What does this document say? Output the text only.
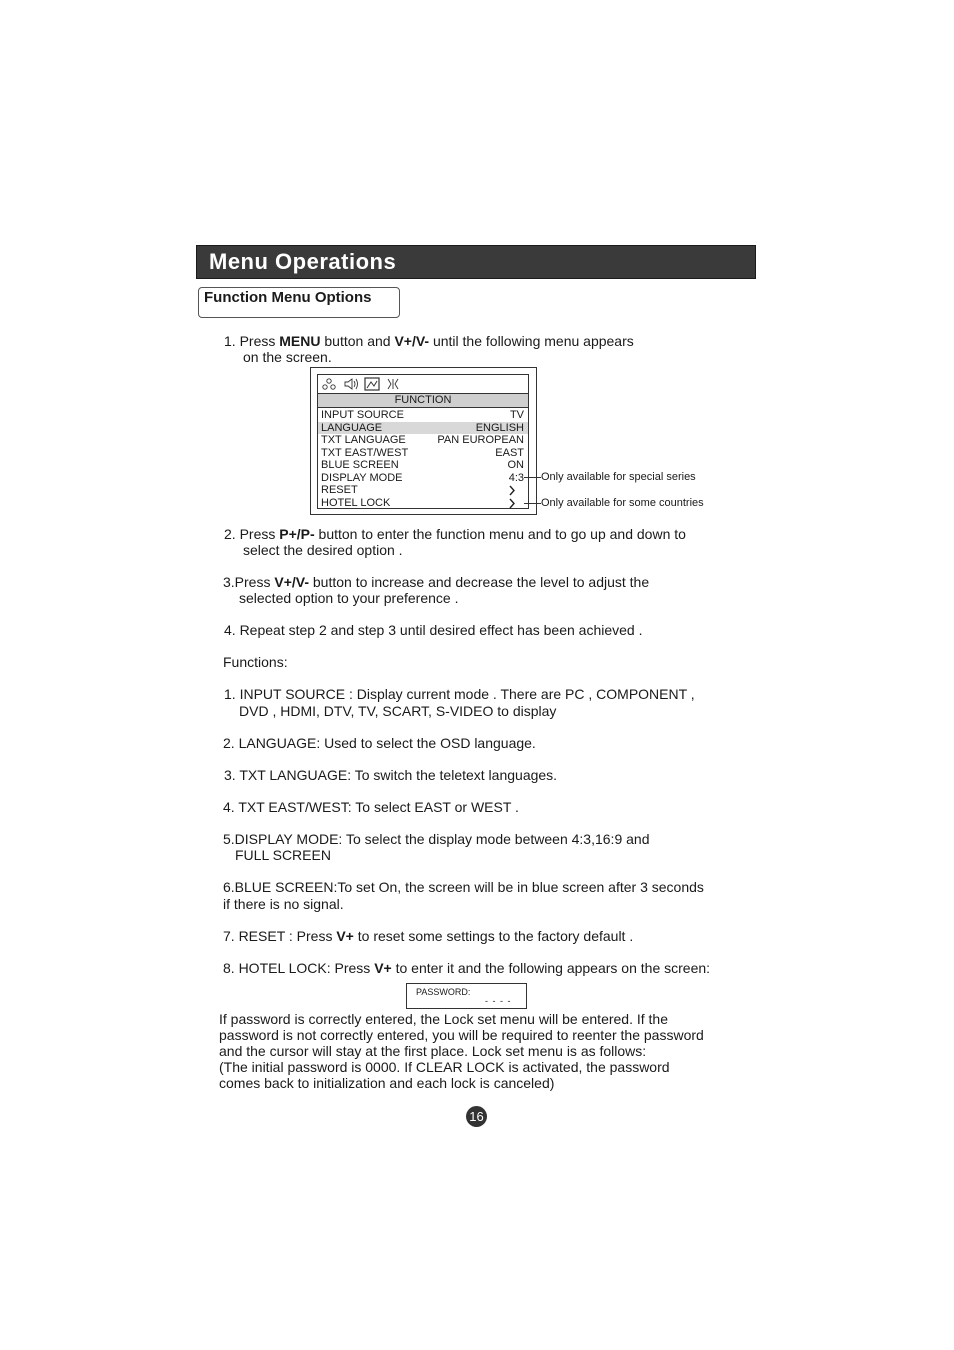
Menu Operations
Function Menu Options
1. Press MENU button and V+/V- until the following menu appears
on the screen.
FUNCTION
INPUT SOURCE	TV
LANGUAGE	ENGLISH
TXT LANGUAGE	PAN EUROPEAN
TXT EAST/WEST	EAST
BLUE SCREEN	ON
DISPLAY MODE	4:3
RESET
HOTEL LOCK
Only available for special series
Only available for some countries
2. Press P+/P- button to enter the function menu and to go up and down to
select the desired option .
3.Press V+/V- button to increase and decrease the level to adjust the
selected option to your preference .
4. Repeat step 2 and step 3 until desired effect has been achieved .
Functions:
1. INPUT SOURCE : Display current mode . There are PC , COMPONENT ,
DVD , HDMI, DTV, TV, SCART, S-VIDEO to display
2. LANGUAGE: Used to select the OSD language.
3. TXT LANGUAGE: To switch the teletext languages.
4. TXT EAST/WEST: To select EAST or WEST .
5.DISPLAY MODE: To select the display mode between 4:3,16:9 and
FULL SCREEN
6.BLUE SCREEN:To set On, the screen will be in blue screen after 3 seconds
if there is no signal.
7. RESET : Press V+ to reset some settings to the factory default .
8. HOTEL LOCK: Press V+ to enter it and the following appears on the screen:
PASSWORD:
- - - -
If password is correctly entered, the Lock set menu will be entered. If the
password is not correctly entered, you will be required to reenter the password
and the cursor will stay at the first place. Lock set menu is as follows:
(The initial password is 0000. If CLEAR LOCK is activated, the password
comes back to initialization and each lock is canceled)
16
